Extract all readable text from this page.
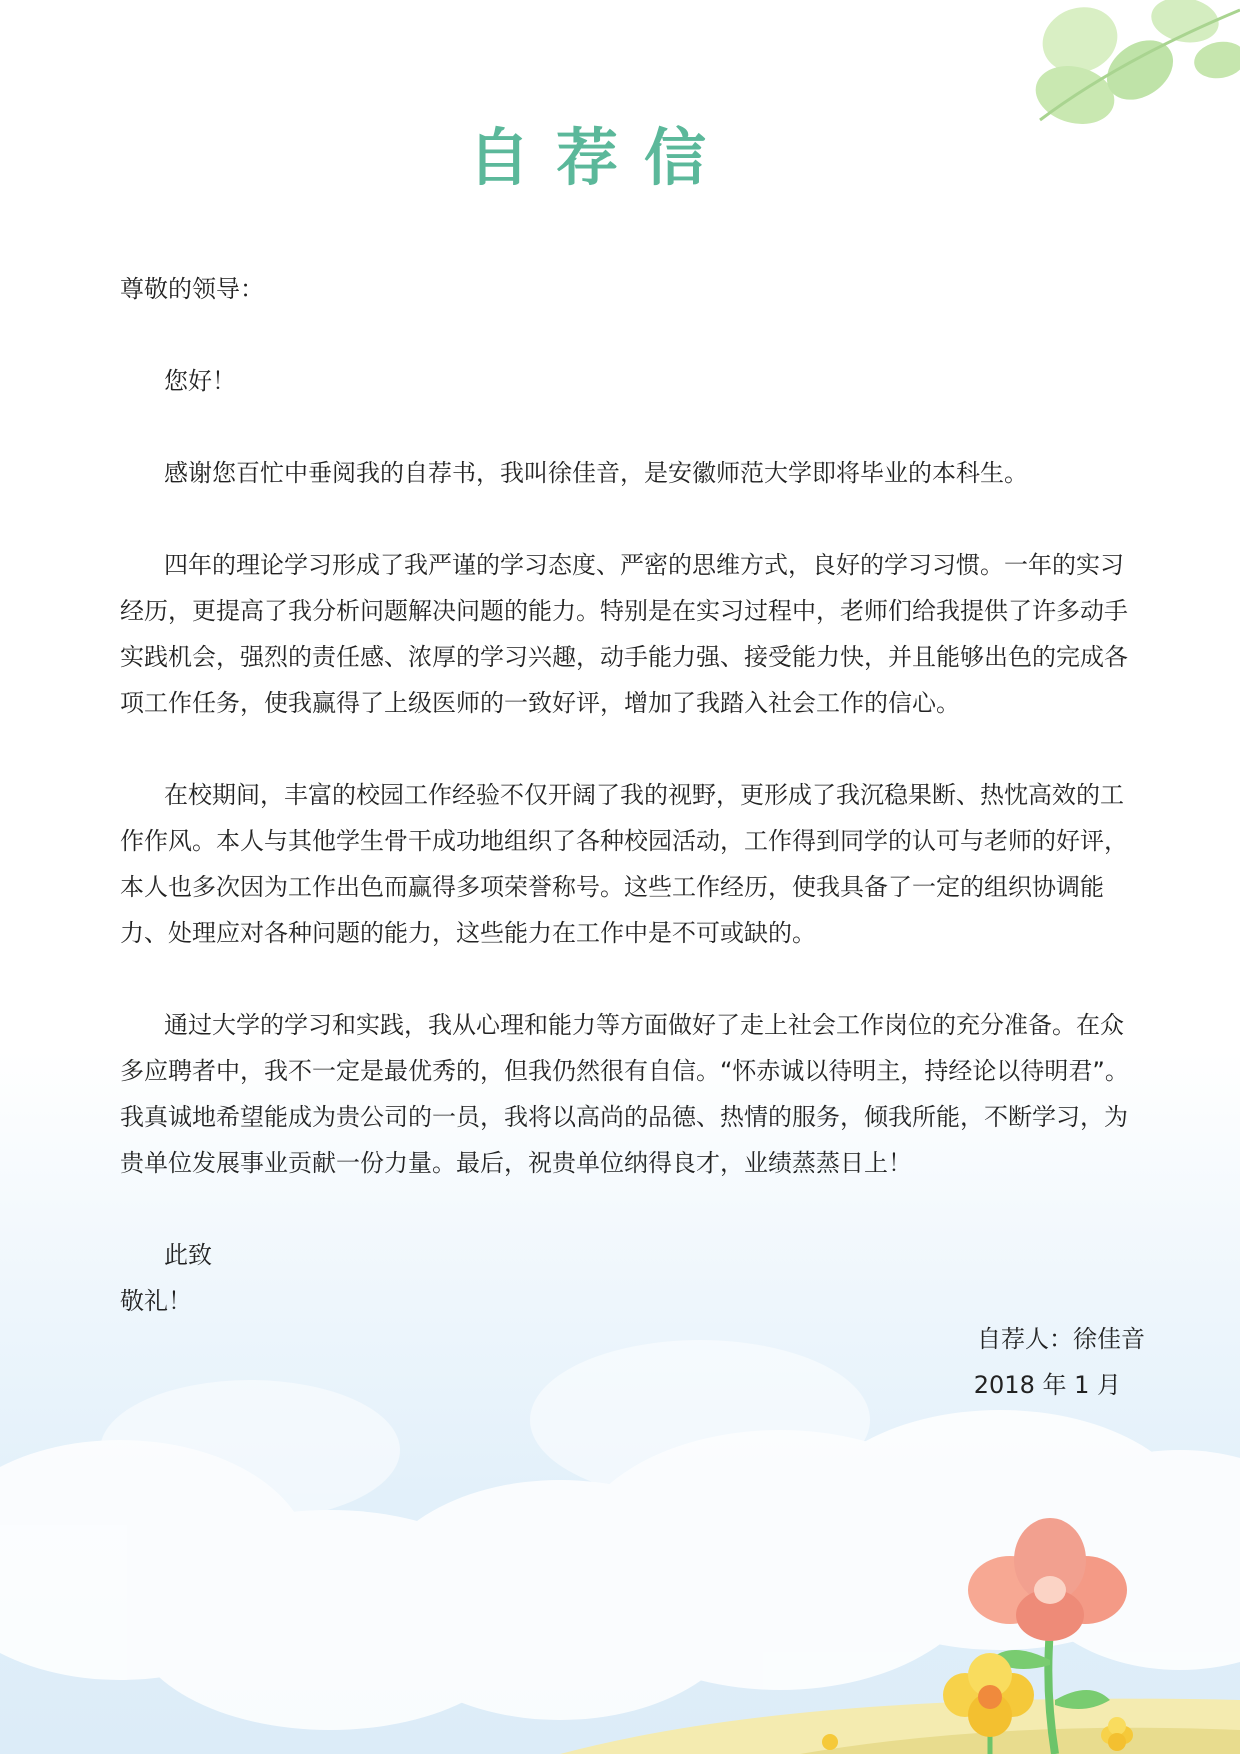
自荐信

尊敬的领导：

您好！

感谢您百忙中垂阅我的自荐书，我叫徐佳音，是安徽师范大学即将毕业的本科生。

四年的理论学习形成了我严谨的学习态度、严密的思维方式，良好的学习习惯。一年的实习经历，更提高了我分析问题解决问题的能力。特别是在实习过程中，老师们给我提供了许多动手实践机会，强烈的责任感、浓厚的学习兴趣，动手能力强、接受能力快，并且能够出色的完成各项工作任务，使我赢得了上级医师的一致好评，增加了我踏入社会工作的信心。

在校期间，丰富的校园工作经验不仅开阔了我的视野，更形成了我沉稳果断、热忱高效的工作作风。本人与其他学生骨干成功地组织了各种校园活动，工作得到同学的认可与老师的好评，本人也多次因为工作出色而赢得多项荣誉称号。这些工作经历，使我具备了一定的组织协调能力、处理应对各种问题的能力，这些能力在工作中是不可或缺的。

通过大学的学习和实践，我从心理和能力等方面做好了走上社会工作岗位的充分准备。在众多应聘者中，我不一定是最优秀的，但我仍然很有自信。“怀赤诚以待明主，持经论以待明君”。我真诚地希望能成为贵公司的一员，我将以高尚的品德、热情的服务，倾我所能，不断学习，为贵单位发展事业贡献一份力量。最后，祝贵单位纳得良才，业绩蒸蒸日上！

此致

敬礼！

自荐人：徐佳音
2018 年 1 月
